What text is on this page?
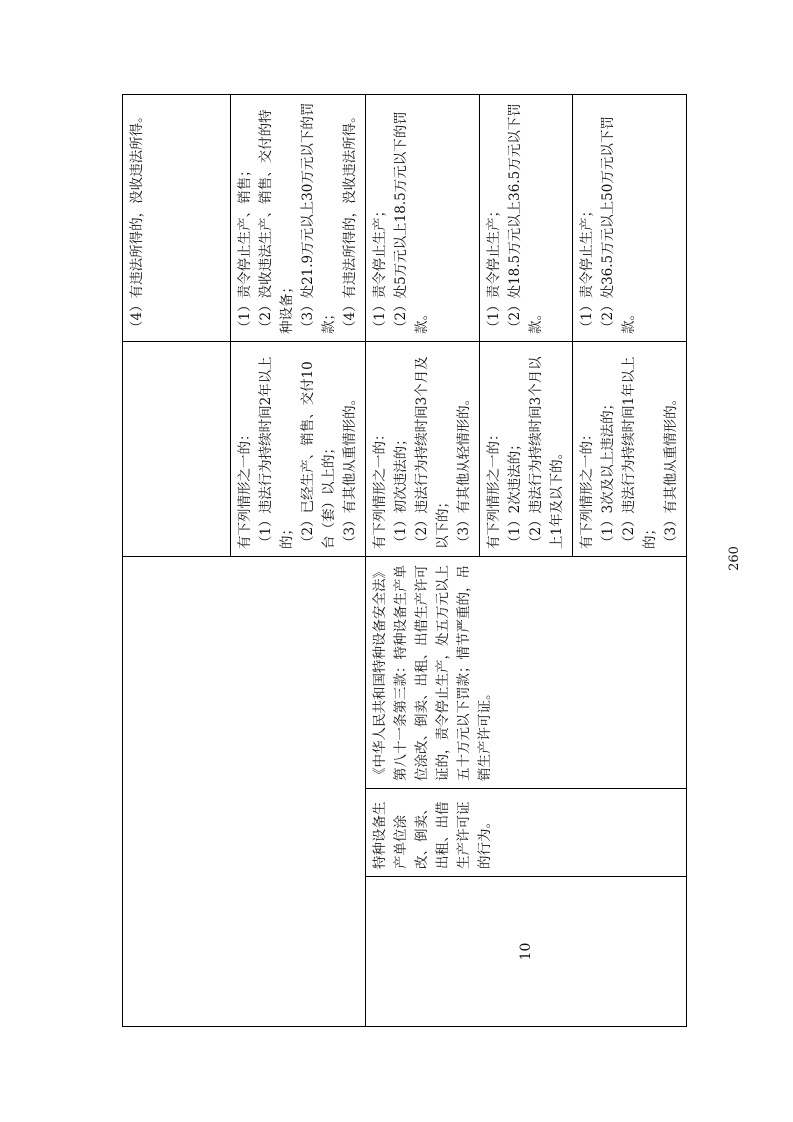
				（4）有违法所得的，没收违法所得。
			有下列情形之一的：
（1）违法行为持续时间2年以上的；
（2）已经生产、销售、交付10台（套）以上的；
（3）有其他从重情形的。	（1）责令停止生产、销售；
（2）没收违法生产、销售、交付的特种设备；
（3）处21.9万元以上30万元以下的罚款；
（4）有违法所得的，没收违法所得。
10	特种设备生产单位涂改、倒卖、出租、出借生产许可证的行为。	《中华人民共和国特种设备安全法》第八十一条第三款：特种设备生产单位涂改、倒卖、出租、出借生产许可证的，责令停止生产，处五万元以上五十万元以下罚款；情节严重的，吊销生产许可证。	有下列情形之一的：
（1）初次违法的；
（2）违法行为持续时间3个月及以下的；
（3）有其他从轻情形的。	（1）责令停止生产；
（2）处5万元以上18.5万元以下的罚款。
			有下列情形之一的：
（1）2次违法的；
（2）违法行为持续时间3个月以上1年及以下的。	（1）责令停止生产；
（2）处18.5万元以上36.5万元以下罚款。
			有下列情形之一的：
（1）3次及以上违法的；
（2）违法行为持续时间1年以上的；
（3）有其他从重情形的。	（1）责令停止生产；
（2）处36.5万元以上50万元以下罚款。
260
